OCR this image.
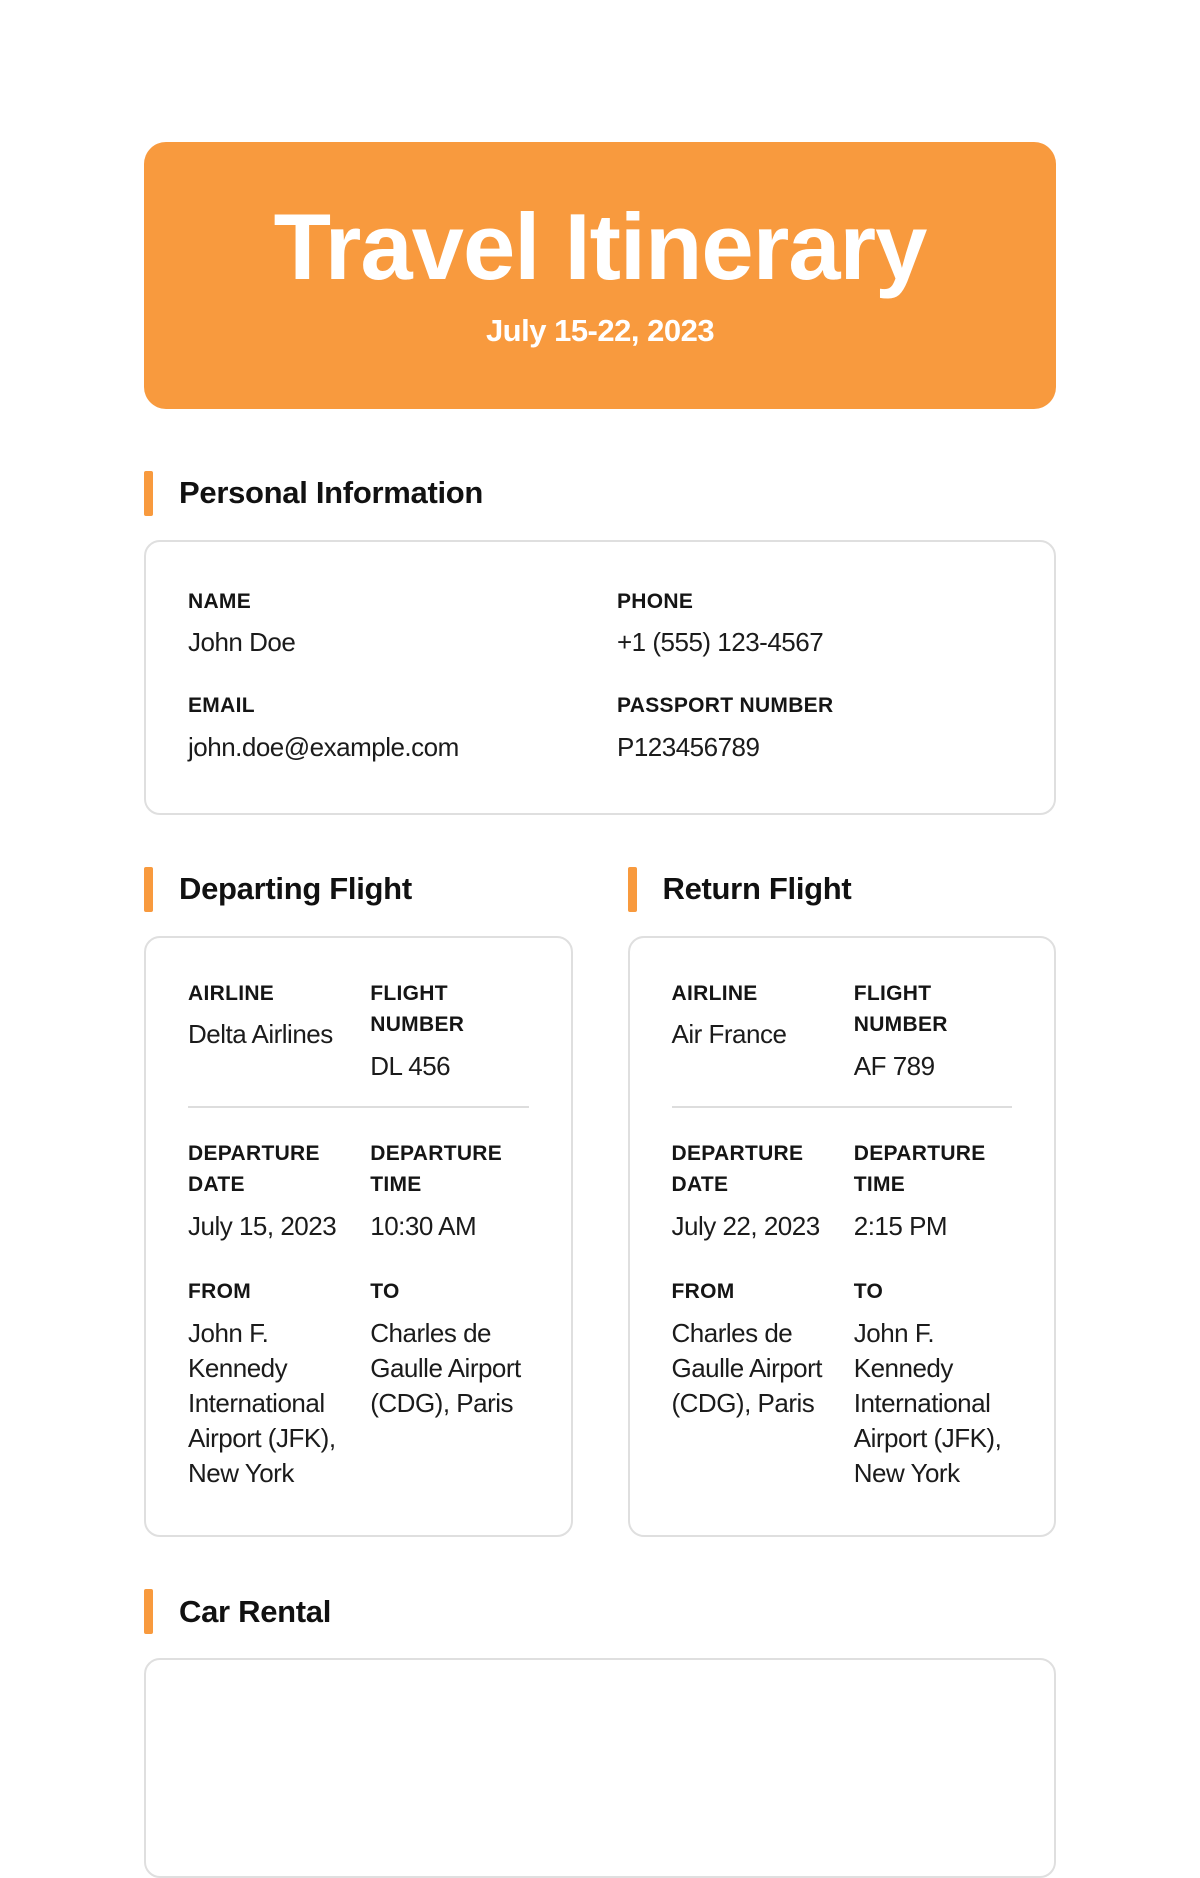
Travel Itinerary
July 15-22, 2023
Personal Information
NAME
John Doe
PHONE
+1 (555) 123-4567
EMAIL
john.doe@example.com
PASSPORT NUMBER
P123456789
Departing Flight
AIRLINE
Delta Airlines
FLIGHT NUMBER
DL 456
DEPARTURE DATE
July 15, 2023
DEPARTURE TIME
10:30 AM
FROM
John F. Kennedy International Airport (JFK), New York
TO
Charles de Gaulle Airport (CDG), Paris
Return Flight
AIRLINE
Air France
FLIGHT NUMBER
AF 789
DEPARTURE DATE
July 22, 2023
DEPARTURE TIME
2:15 PM
FROM
Charles de Gaulle Airport (CDG), Paris
TO
John F. Kennedy International Airport (JFK), New York
Car Rental
